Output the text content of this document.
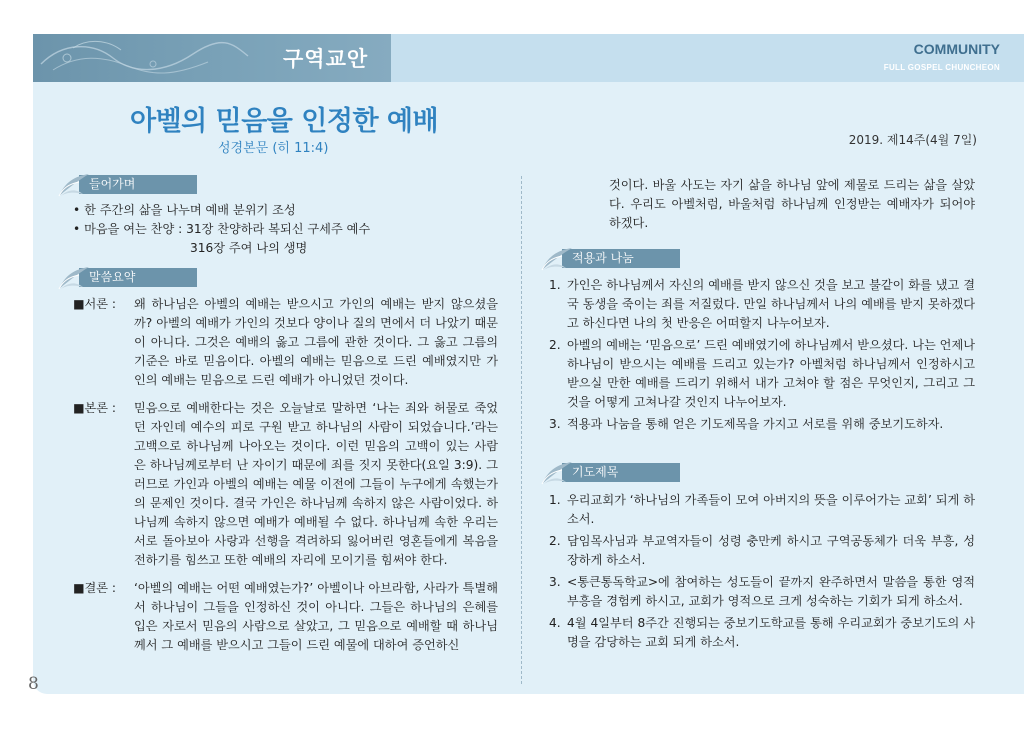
구역교안	COMMUNITY
FULL GOSPEL CHUNCHEON
아벨의 믿음을 인정한 예배
성경본문 (히 11:4)
2019. 제14주(4월 7일)
들어가며
• 한 주간의 삶을 나누며 예배 분위기 조성
• 마음을 여는 찬양 : 31장 찬양하라 복되신 구세주 예수
316장 주여 나의 생명
말씀요약
■서론 : 왜 하나님은 아벨의 예배는 받으시고 가인의 예배는 받지 않으셨을까? 아벨의 예배가 가인의 것보다 양이나 질의 면에서 더 나았기 때문이 아니다. 그것은 예배의 옳고 그름에 관한 것이다. 그 옳고 그름의 기준은 바로 믿음이다. 아벨의 예배는 믿음으로 드린 예배였지만 가인의 예배는 믿음으로 드린 예배가 아니었던 것이다.
■본론 : 믿음으로 예배한다는 것은 오늘날로 말하면 ‘나는 죄와 허물로 죽었던 자인데 예수의 피로 구원 받고 하나님의 사람이 되었습니다.’라는 고백으로 하나님께 나아오는 것이다. 이런 믿음의 고백이 있는 사람은 하나님께로부터 난 자이기 때문에 죄를 짓지 못한다(요일 3:9). 그러므로 가인과 아벨의 예배는 예물 이전에 그들이 누구에게 속했는가의 문제인 것이다. 결국 가인은 하나님께 속하지 않은 사람이었다. 하나님께 속하지 않으면 예배가 예배될 수 없다. 하나님께 속한 우리는 서로 돌아보아 사랑과 선행을 격려하되 잃어버린 영혼들에게 복음을 전하기를 힘쓰고 또한 예배의 자리에 모이기를 힘써야 한다.
■결론 : ‘아벨의 예배는 어떤 예배였는가?’ 아벨이나 아브라함, 사라가 특별해서 하나님이 그들을 인정하신 것이 아니다. 그들은 하나님의 은혜를 입은 자로서 믿음의 사람으로 살았고, 그 믿음으로 예배할 때 하나님께서 그 예배를 받으시고 그들이 드린 예물에 대하여 증언하신
것이다. 바울 사도는 자기 삶을 하나님 앞에 제물로 드리는 삶을 살았다. 우리도 아벨처럼, 바울처럼 하나님께 인정받는 예배자가 되어야 하겠다.
적용과 나눔
1. 가인은 하나님께서 자신의 예배를 받지 않으신 것을 보고 불같이 화를 냈고 결국 동생을 죽이는 죄를 저질렀다. 만일 하나님께서 나의 예배를 받지 못하겠다고 하신다면 나의 첫 반응은 어떠할지 나누어보자.
2. 아벨의 예배는 ‘믿음으로’ 드린 예배였기에 하나님께서 받으셨다. 나는 언제나 하나님이 받으시는 예배를 드리고 있는가? 아벨처럼 하나님께서 인정하시고 받으실 만한 예배를 드리기 위해서 내가 고쳐야 할 점은 무엇인지, 그리고 그것을 어떻게 고쳐나갈 것인지 나누어보자.
3. 적용과 나눔을 통해 얻은 기도제목을 가지고 서로를 위해 중보기도하자.
기도제목
1. 우리교회가 ‘하나님의 가족들이 모여 아버지의 뜻을 이루어가는 교회’ 되게 하소서.
2. 담임목사님과 부교역자들이 성령 충만케 하시고 구역공동체가 더욱 부흥, 성장하게 하소서.
3. <통큰통독학교>에 참여하는 성도들이 끝까지 완주하면서 말씀을 통한 영적부흥을 경험케 하시고, 교회가 영적으로 크게 성숙하는 기회가 되게 하소서.
4. 4월 4일부터 8주간 진행되는 중보기도학교를 통해 우리교회가 중보기도의 사명을 감당하는 교회 되게 하소서.
8
